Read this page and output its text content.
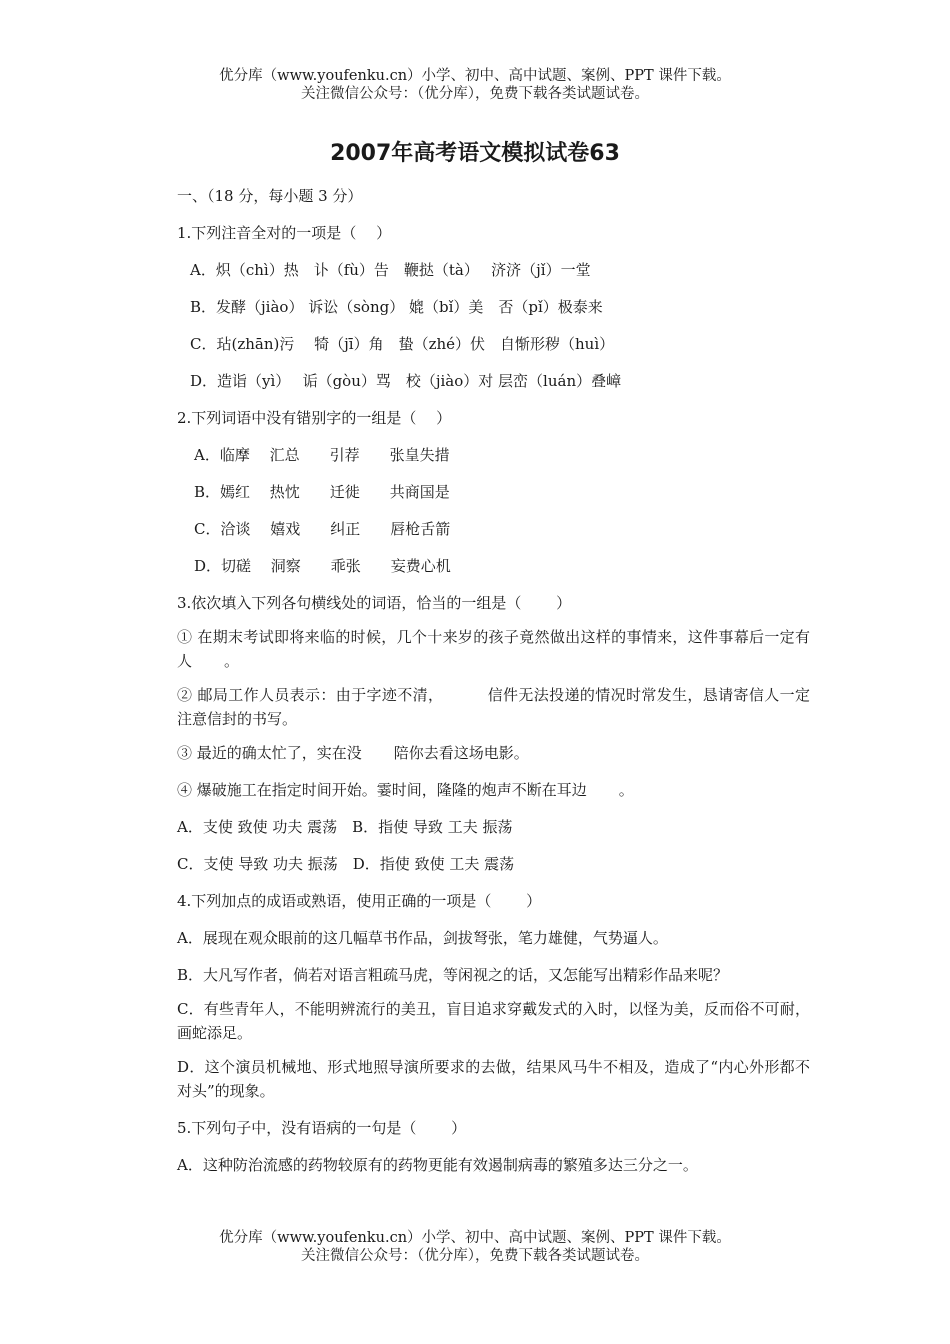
优分库（www.youfenku.cn）小学、初中、高中试题、案例、PPT 课件下载。
关注微信公众号：（优分库），免费下载各类试题试卷。
2007年高考语文模拟试卷63

一、（18 分，每小题 3 分）

1.下列注音全对的一项是（　 ）

A．炽（chì）热　讣（fù）告　鞭挞（tà）　 济济（jǐ）一堂

B．发酵（jiào） 诉讼（sòng） 媲（bǐ）美　否（pǐ）极泰来

C．玷(zhān)污　 犄（jī）角　蛰（zhé）伏　自惭形秽（huì）

D．造诣（yì）　 诟（gòu）骂　校（jiào）对 层峦（luán）叠嶂

2.下列词语中没有错别字的一组是（　 ）

A．临摩　 汇总　　引荐　　张皇失措

B．嫣红　 热忱　　迁徙　　共商国是

C．洽谈　 嬉戏　　纠正　　唇枪舌箭

D．切磋　 洞察　　乖张　　妄费心机

3.依次填入下列各句横线处的词语，恰当的一组是（　　 ）

① 在期末考试即将来临的时候，几个十来岁的孩子竟然做出这样的事情来，这件事幕后一定有人 。

② 邮局工作人员表示：由于字迹不清，	信件无法投递的情况时常发生，恳请寄信人一定注意信封的书写。

③ 最近的确太忙了，实在没 陪你去看这场电影。

④ 爆破施工在指定时间开始。霎时间，隆隆的炮声不断在耳边 。

A．支使 致使 功夫 震荡　B．指使 导致 工夫 振荡

C．支使 导致 功夫 振荡　D．指使 致使 工夫 震荡

4.下列加点的成语或熟语，使用正确的一项是（　　 ）

A．展现在观众眼前的这几幅草书作品，剑拔弩张，笔力雄健，气势逼人。

B．大凡写作者，倘若对语言粗疏马虎，等闲视之的话，又怎能写出精彩作品来呢？

C．有些青年人，不能明辨流行的美丑，盲目追求穿戴发式的入时，以怪为美，反而俗不可耐，画蛇添足。

D．这个演员机械地、形式地照导演所要求的去做，结果风马牛不相及，造成了“内心外形都不对头”的现象。

5.下列句子中，没有语病的一句是（　　 ）

A．这种防治流感的药物较原有的药物更能有效遏制病毒的繁殖多达三分之一。

优分库（www.youfenku.cn）小学、初中、高中试题、案例、PPT 课件下载。
关注微信公众号：（优分库），免费下载各类试题试卷。
